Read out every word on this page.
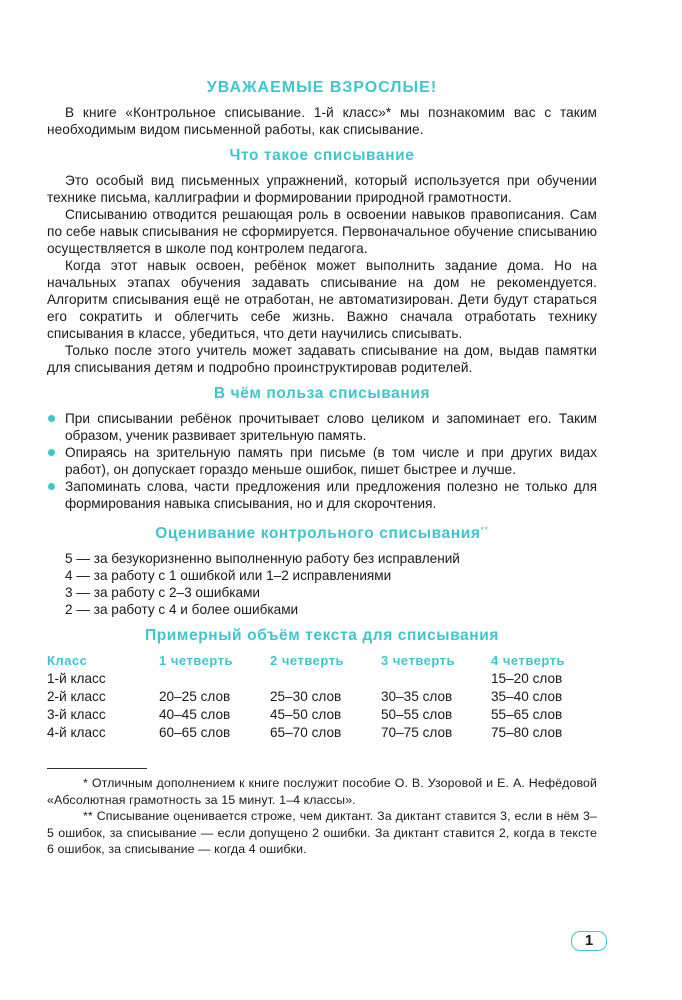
УВАЖАЕМЫЕ ВЗРОСЛЫЕ!

В книге «Контрольное списывание. 1-й класс»* мы познакомим вас с таким необходимым видом письменной работы, как списывание.

Что такое списывание

Это особый вид письменных упражнений, который используется при обучении технике письма, каллиграфии и формировании природной грамотности.

Списыванию отводится решающая роль в освоении навыков правописания. Сам по себе навык списывания не сформируется. Первоначальное обучение списыванию осуществляется в школе под контролем педагога.

Когда этот навык освоен, ребёнок может выполнить задание дома. Но на начальных этапах обучения задавать списывание на дом не рекомендуется. Алгоритм списывания ещё не отработан, не автоматизирован. Дети будут стараться его сократить и облегчить себе жизнь. Важно сначала отработать технику списывания в классе, убедиться, что дети научились списывать.

Только после этого учитель может задавать списывание на дом, выдав памятки для списывания детям и подробно проинструктировав родителей.

В чём польза списывания
При списывании ребёнок прочитывает слово целиком и запоминает его. Таким образом, ученик развивает зрительную память.
Опираясь на зрительную память при письме (в том числе и при других видах работ), он допускает гораздо меньше ошибок, пишет быстрее и лучше.
Запоминать слова, части предложения или предложения полезно не только для формирования навыка списывания, но и для скорочтения.
Оценивание контрольного списывания**
5 — за безукоризненно выполненную работу без исправлений
4 — за работу с 1 ошибкой или 1–2 исправлениями
3 — за работу с 2–3 ошибками
2 — за работу с 4 и более ошибками
Примерный объём текста для списывания
Класс	1 четверть	2 четверть	3 четверть	4 четверть
1-й класс				15–20 слов
2-й класс	20–25 слов	25–30 слов	30–35 слов	35–40 слов
3-й класс	40–45 слов	45–50 слов	50–55 слов	55–65 слов
4-й класс	60–65 слов	65–70 слов	70–75 слов	75–80 слов

* Отличным дополнением к книге послужит пособие О. В. Узоровой и Е. А. Нефёдовой «Абсолютная грамотность за 15 минут. 1–4 классы».

** Списывание оценивается строже, чем диктант. За диктант ставится 3, если в нём 3–5 ошибок, за списывание — если допущено 2 ошибки. За диктант ставится 2, когда в тексте 6 ошибок, за списывание — когда 4 ошибки.

1
